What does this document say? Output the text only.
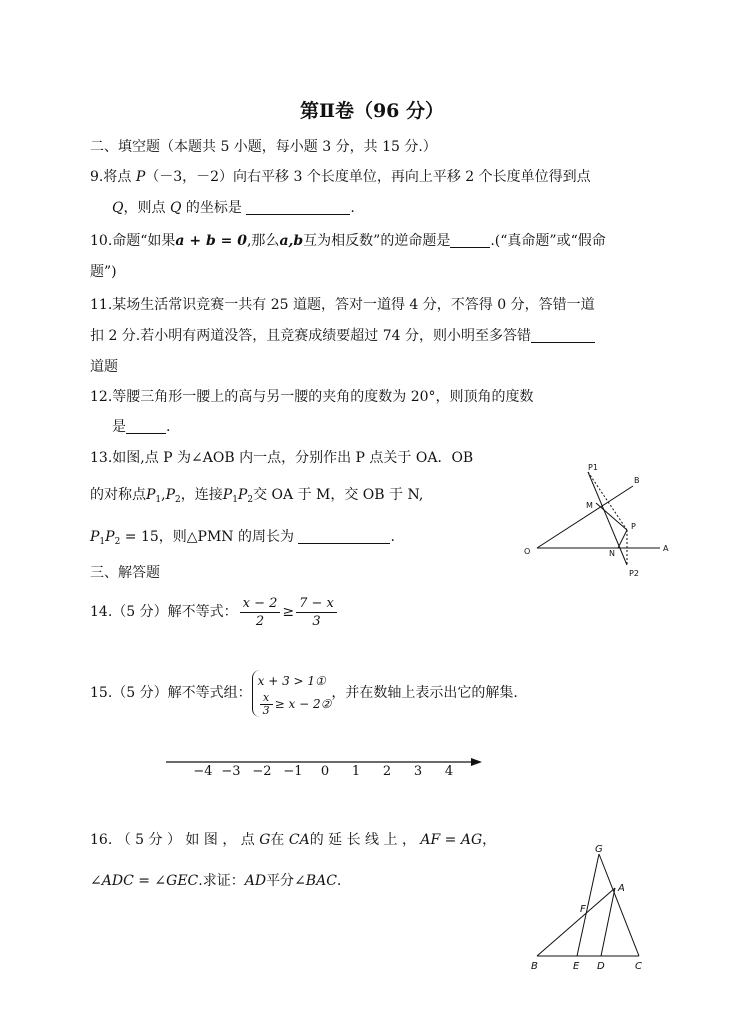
第Ⅱ卷（96 分）
二、填空题（本题共 5 小题，每小题 3 分，共 15 分.）
9.将点 P（－3，－2）向右平移 3 个长度单位，再向上平移 2 个长度单位得到点
Q，则点 Q 的坐标是	.
10.命题“如果a + b = 0,那么a,b互为相反数”的逆命题是	.(“真命题”或“假命
题”)
11.某场生活常识竞赛一共有 25 道题，答对一道得 4 分，不答得 0 分，答错一道
扣 2 分.若小明有两道没答，且竞赛成绩要超过 74 分，则小明至多答错
道题
12.等腰三角形一腰上的高与另一腰的夹角的度数为 20°，则顶角的度数
是	.
13.如图,点 P 为∠AOB 内一点，分别作出 P 点关于 OA．OB
的对称点$P_1,P_2$，连接$P_1P_2$交 OA 于 M，交 OB 于 N,
$P_1P_2 = 15$，则△PMN 的周长为	.
P1
B
M
P
O	N
A
P2
三、解答题
14.（5 分）解不等式： $\frac{x - 2}{2} \ge \frac{7 - x}{3}$
15.（5 分）解不等式组：
x + 3 > 1①
$\frac{x}{3} \ge x$ − 2②
，并在数轴上表示出它的解集.
−4 −3 −2 −1	0	1	2	3	4
16. （ 5 分 ） 如 图 ， 点 G在 CA的 延 长 线 上 ， AF = AG，
∠ADC = ∠GEC.求证：AD平分∠BAC.
G
A
F
B	E D	C
